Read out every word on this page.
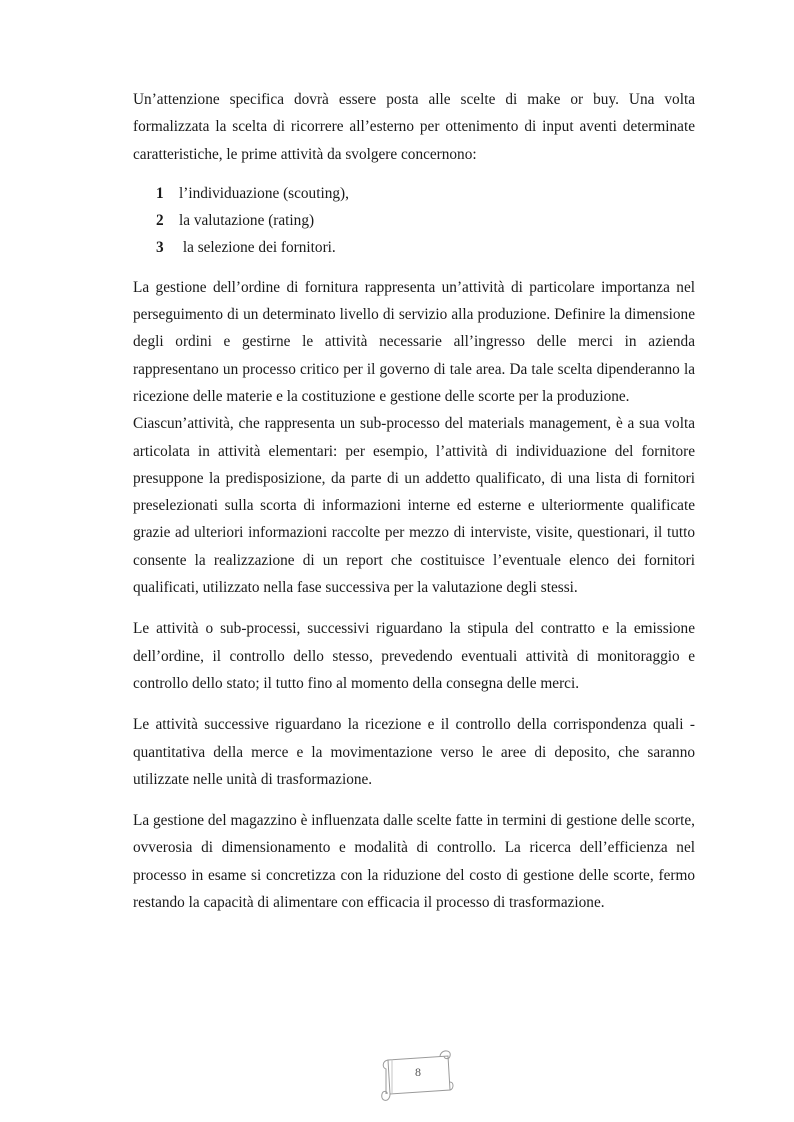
Un’attenzione specifica dovrà essere posta alle scelte di make or buy. Una volta formalizzata la scelta di ricorrere all’esterno per ottenimento di input aventi determinate caratteristiche, le prime attività da svolgere concernono:

1	l’individuazione (scouting),
2	la valutazione (rating)
3	la selezione dei fornitori.

La gestione dell’ordine di fornitura rappresenta un’attività di particolare importanza nel perseguimento di un determinato livello di servizio alla produzione. Definire la dimensione degli ordini e gestirne le attività necessarie all’ingresso delle merci in azienda rappresentano un processo critico per il governo di tale area. Da tale scelta dipenderanno la ricezione delle materie e la costituzione e gestione delle scorte per la produzione.

Ciascun’attività, che rappresenta un sub-processo del materials management, è a sua volta articolata in attività elementari: per esempio, l’attività di individuazione del fornitore presuppone la predisposizione, da parte di un addetto qualificato, di una lista di fornitori preselezionati sulla scorta di informazioni interne ed esterne e ulteriormente qualificate grazie ad ulteriori informazioni raccolte per mezzo di interviste, visite, questionari, il tutto consente la realizzazione di un report che costituisce l’eventuale elenco dei fornitori qualificati, utilizzato nella fase successiva per la valutazione degli stessi.

Le attività o sub-processi, successivi riguardano la stipula del contratto e la emissione dell’ordine, il controllo dello stesso, prevedendo eventuali attività di monitoraggio e controllo dello stato; il tutto fino al momento della consegna delle merci.

Le attività successive riguardano la ricezione e il controllo della corrispondenza quali - quantitativa della merce e la movimentazione verso le aree di deposito, che saranno utilizzate nelle unità di trasformazione.

La gestione del magazzino è influenzata dalle scelte fatte in termini di gestione delle scorte, ovverosia di dimensionamento e modalità di controllo. La ricerca dell’efficienza nel processo in esame si concretizza con la riduzione del costo di gestione delle scorte, fermo restando la capacità di alimentare con efficacia il processo di trasformazione.

8
